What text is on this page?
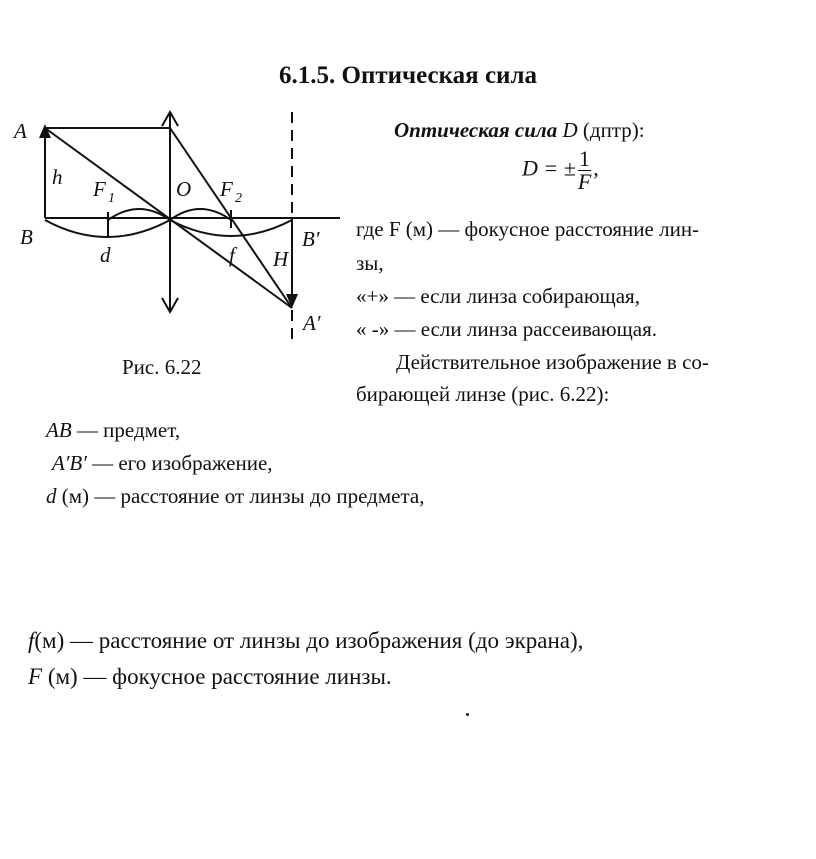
6.1.5. Оптическая сила
A
h F 1	O F 2
B
d	f H
B′
A′
Рис. 6.22
Оптическая сила D (дптр):
D = ± $\frac{1}{F}$ ,
где F (м) — фокусное расстояние лин-
зы,
«+» — если линза собирающая,
« -» — если линза рассеивающая.
Действительное изображение в со-
бирающей линзе (рис. 6.22):
AB — предмет,
A′B′ — его изображение,
d (м) — расстояние от линзы до предмета,
f(м) — расстояние от линзы до изображения (до экрана),
F (м) — фокусное расстояние линзы.
